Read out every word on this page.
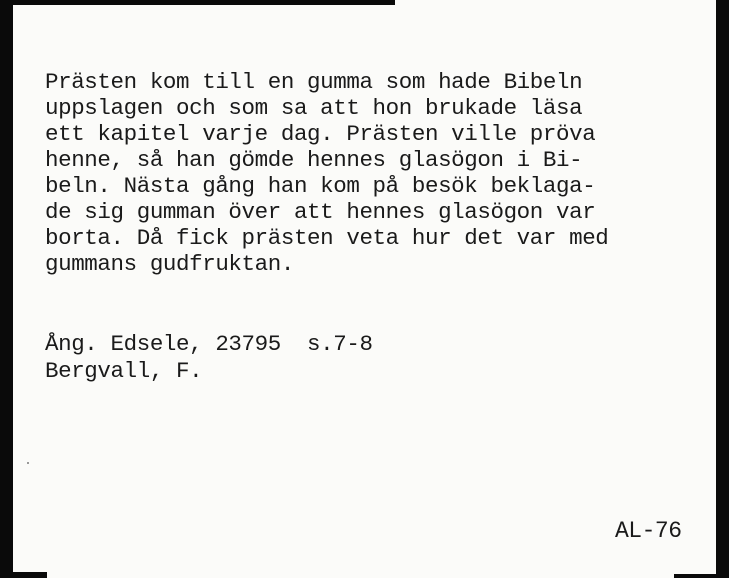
Prästen kom till en gumma som hade Bibeln
uppslagen och som sa att hon brukade läsa
ett kapitel varje dag. Prästen ville pröva
henne, så han gömde hennes glasögon i Bi-
beln. Nästa gång han kom på besök beklaga-
de sig gumman över att hennes glasögon var
borta. Då fick prästen veta hur det var med
gummans gudfruktan.
Ång. Edsele, 23795  s.7-8
Bergvall, F.
AL-76
